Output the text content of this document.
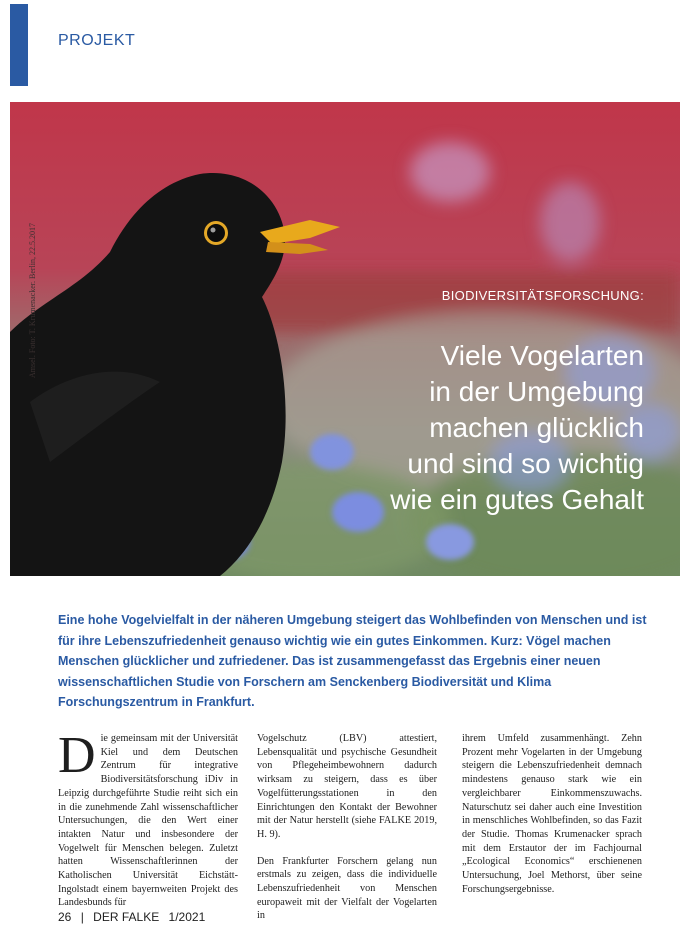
PROJEKT
Amsel. Foto: T. Krumenacker. Berlin, 22.5.2017	BIODIVERSITÄTSFORSCHUNG:
Viele Vogelarten
in der Umgebung
machen glücklich
und sind so wichtig
wie ein gutes Gehalt

Eine hohe Vogelvielfalt in der näheren Umgebung steigert das Wohlbefinden von Menschen und ist für ihre Lebenszufriedenheit genauso wichtig wie ein gutes Einkommen. Kurz: Vögel machen Menschen glücklicher und zufriedener. Das ist zusammengefasst das Ergebnis einer neuen wissenschaftlichen Studie von Forschern am Senckenberg Biodiversität und Klima Forschungszentrum in Frankfurt.

Die gemeinsam mit der Universität Kiel und dem Deutschen Zentrum für integrative Biodiversitätsforschung iDiv in Leipzig durchgeführte Studie reiht sich ein in die zunehmende Zahl wissenschaftlicher Untersuchungen, die den Wert einer intakten Natur und insbesondere der Vogelwelt für Menschen belegen. Zuletzt hatten Wissenschaftlerinnen der Katholischen Universität Eichstätt-Ingolstadt einem bayernweiten Projekt des Landesbunds für

Vogelschutz (LBV) attestiert, Lebensqualität und psychische Gesundheit von Pflegeheimbewohnern dadurch wirksam zu steigern, dass es über Vogelfütterungsstationen in den Einrichtungen den Kontakt der Bewohner mit der Natur herstellt (siehe FALKE 2019, H. 9).

Den Frankfurter Forschern gelang nun erstmals zu zeigen, dass die individuelle Lebenszufriedenheit von Menschen europaweit mit der Vielfalt der Vogelarten in

ihrem Umfeld zusammenhängt. Zehn Prozent mehr Vogelarten in der Umgebung steigern die Lebenszufriedenheit demnach mindestens genauso stark wie ein vergleichbarer Einkommenszuwachs. Naturschutz sei daher auch eine Investition in menschliches Wohlbefinden, so das Fazit der Studie. Thomas Krumenacker sprach mit dem Erstautor der im Fachjournal „Ecological Economics“ erschienenen Untersuchung, Joel Methorst, über seine Forschungsergebnisse.

26 | DER FALKE 1/2021
